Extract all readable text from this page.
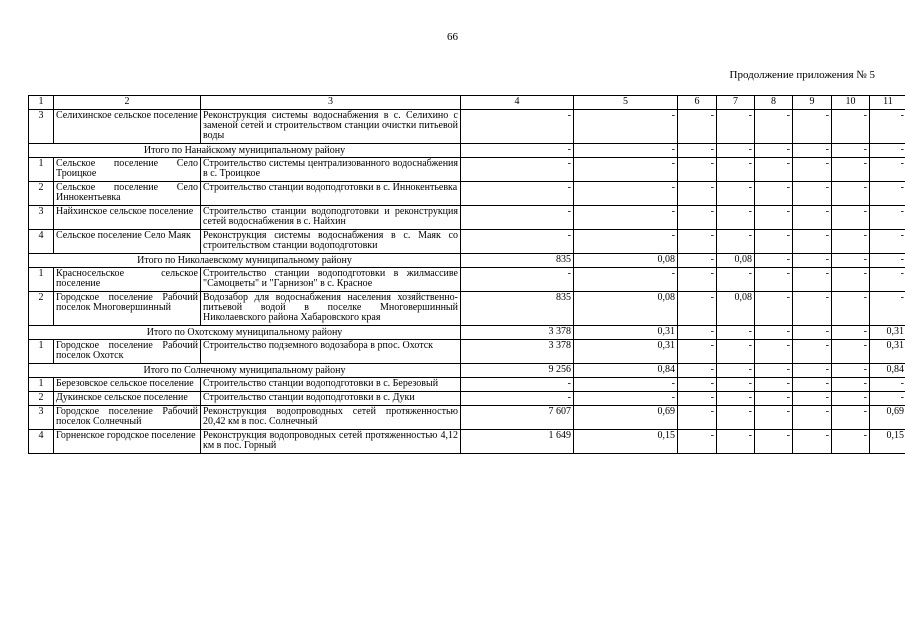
66
Продолжение приложения № 5
1	2	3	4	5	6	7	8	9	10	11
3	Селихинское сельское поселение	Реконструкция системы водоснабжения в с. Селихино с заменой сетей и строительством станции очистки питьевой воды	-	-	-	-	-	-	-	-
Итого по Нанайскому муниципальному району			-	-	-	-	-	-	-	-
1	Сельское поселение Село Троицкое	Строительство системы централизованного водоснабжения в с. Троицкое	-	-	-	-	-	-	-	-
2	Сельское поселение Село Иннокентьевка	Строительство станции водоподготовки в с. Иннокентьевка	-	-	-	-	-	-	-	-
3	Найхинское сельское поселение	Строительство станции водоподготовки и реконструкция сетей водоснабжения в с. Найхин	-	-	-	-	-	-	-	-
4	Сельское поселение Село Маяк	Реконструкция системы водоснабжения в с. Маяк со строительством станции водоподготовки	-	-	-	-	-	-	-	-
Итого по Николаевскому муниципальному району			835	0,08	-	0,08	-	-	-	-
1	Красносельское сельское поселение	Строительство станции водоподготовки в жилмассиве "Самоцветы" и "Гарнизон" в с. Красное	-	-	-	-	-	-	-	-
2	Городское поселение Рабочий поселок Многовершинный	Водозабор для водоснабжения населения хозяйственно-питьевой водой в поселке Многовершинный Николаевского района Хабаровского края	835	0,08	-	0,08	-	-	-	-
Итого по Охотскому муниципальному району			3 378	0,31	-	-	-	-	-	0,31
1	Городское поселение Рабочий поселок Охотск	Строительство подземного водозабора в рпос. Охотск	3 378	0,31	-	-	-	-	-	0,31
Итого по Солнечному муниципальному району			9 256	0,84	-	-	-	-	-	0,84
1	Березовское сельское поселение	Строительство станции водоподготовки в с. Березовый	-	-	-	-	-	-	-	-
2	Дукинское сельское поселение	Строительство станции водоподготовки в с. Дуки	-	-	-	-	-	-	-	-
3	Городское поселение Рабочий поселок Солнечный	Реконструкция водопроводных сетей протяженностью 20,42 км в пос. Солнечный	7 607	0,69	-	-	-	-	-	0,69
4	Горненское городское поселение	Реконструкция водопроводных сетей протяженностью 4,12 км в пос. Горный	1 649	0,15	-	-	-	-	-	0,15
